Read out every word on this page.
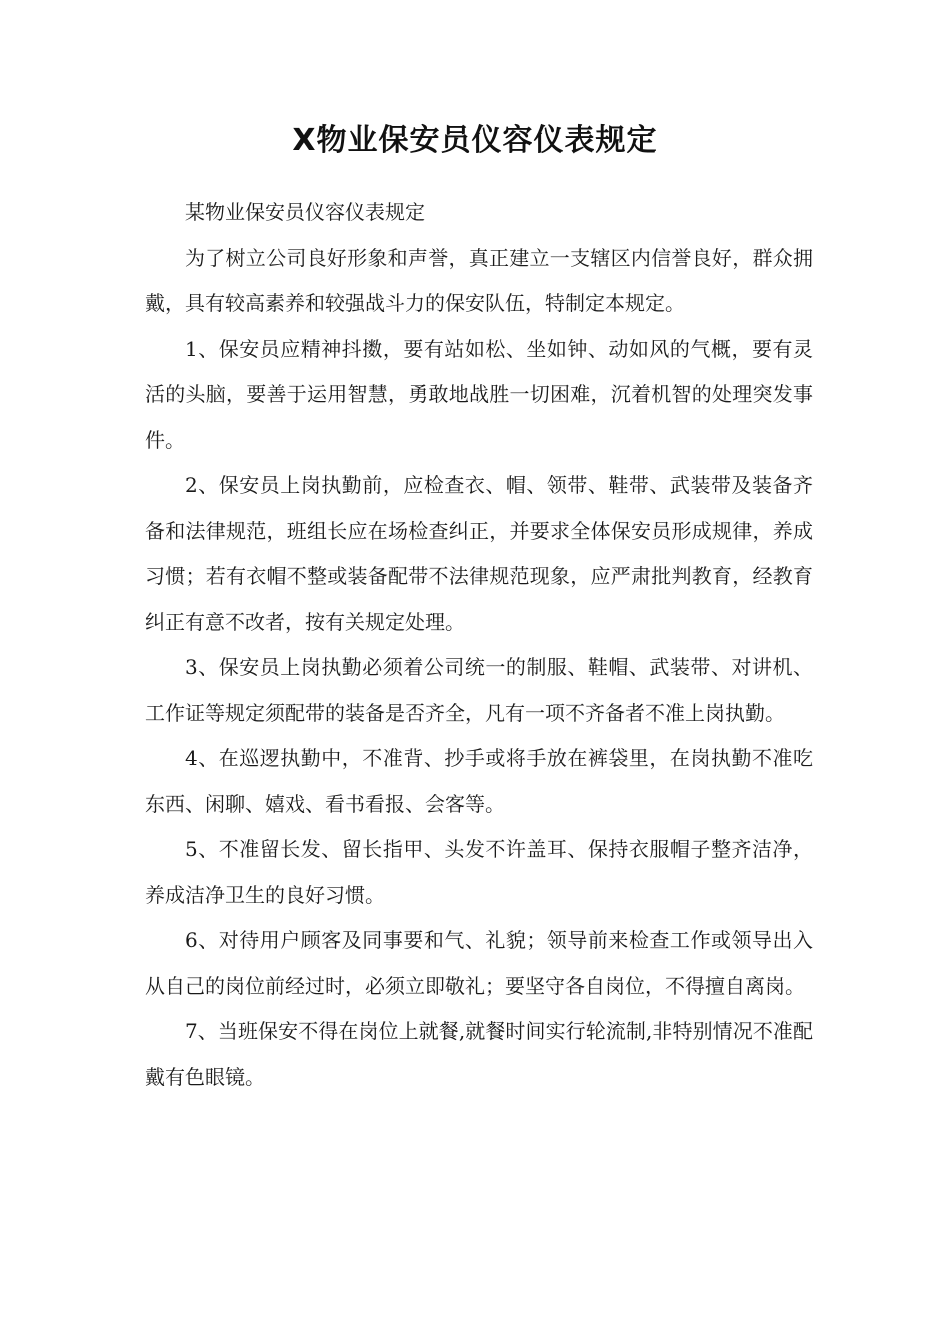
X物业保安员仪容仪表规定

某物业保安员仪容仪表规定

为了树立公司良好形象和声誉，真正建立一支辖区内信誉良好，群众拥戴，具有较高素养和较强战斗力的保安队伍，特制定本规定。

1、保安员应精神抖擞，要有站如松、坐如钟、动如风的气概，要有灵活的头脑，要善于运用智慧，勇敢地战胜一切困难，沉着机智的处理突发事件。

2、保安员上岗执勤前，应检查衣、帽、领带、鞋带、武装带及装备齐备和法律规范，班组长应在场检查纠正，并要求全体保安员形成规律，养成习惯；若有衣帽不整或装备配带不法律规范现象，应严肃批判教育，经教育纠正有意不改者，按有关规定处理。

3、保安员上岗执勤必须着公司统一的制服、鞋帽、武装带、对讲机、工作证等规定须配带的装备是否齐全，凡有一项不齐备者不准上岗执勤。

4、在巡逻执勤中，不准背、抄手或将手放在裤袋里，在岗执勤不准吃东西、闲聊、嬉戏、看书看报、会客等。

5、不准留长发、留长指甲、头发不许盖耳、保持衣服帽子整齐洁净，养成洁净卫生的良好习惯。

6、对待用户顾客及同事要和气、礼貌；领导前来检查工作或领导出入从自己的岗位前经过时，必须立即敬礼；要坚守各自岗位，不得擅自离岗。

7、当班保安不得在岗位上就餐,就餐时间实行轮流制,非特别情况不准配戴有色眼镜。
